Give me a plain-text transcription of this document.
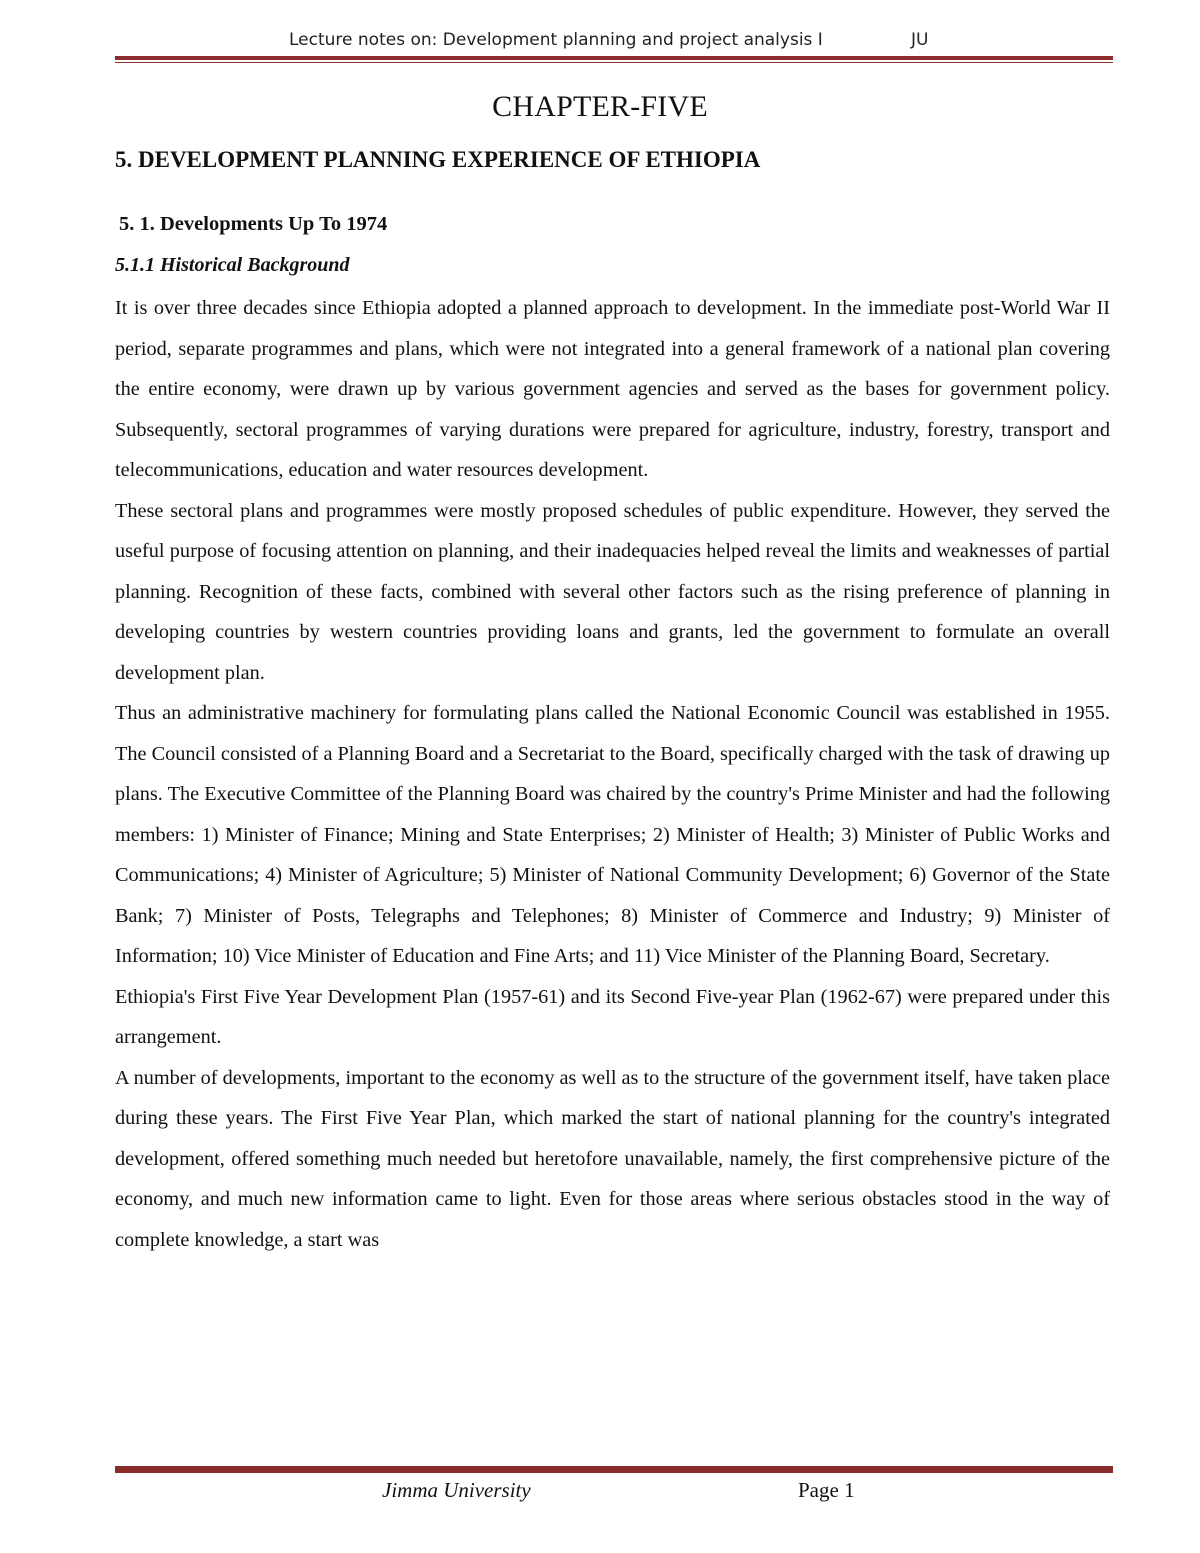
Lecture notes on: Development planning and project analysis I	JU
CHAPTER-FIVE
5. DEVELOPMENT PLANNING EXPERIENCE OF ETHIOPIA
5. 1. Developments Up To 1974
5.1.1 Historical Background

It is over three decades since Ethiopia adopted a planned approach to development. In the immediate post-World War II period, separate programmes and plans, which were not integrated into a general framework of a national plan covering the entire economy, were drawn up by various government agencies and served as the bases for government policy. Subsequently, sectoral programmes of varying durations were prepared for agriculture, industry, forestry, transport and telecommunications, education and water resources development.

These sectoral plans and programmes were mostly proposed schedules of public expenditure. However, they served the useful purpose of focusing attention on planning, and their inadequacies helped reveal the limits and weaknesses of partial planning. Recognition of these facts, combined with several other factors such as the rising preference of planning in developing countries by western countries providing loans and grants, led the government to formulate an overall development plan.

Thus an administrative machinery for formulating plans called the National Economic Council was established in 1955. The Council consisted of a Planning Board and a Secretariat to the Board, specifically charged with the task of drawing up plans. The Executive Committee of the Planning Board was chaired by the country's Prime Minister and had the following members: 1) Minister of Finance; Mining and State Enterprises; 2) Minister of Health; 3) Minister of Public Works and Communications; 4) Minister of Agriculture; 5) Minister of National Community Development; 6) Governor of the State Bank; 7) Minister of Posts, Telegraphs and Telephones; 8) Minister of Commerce and Industry; 9) Minister of Information; 10) Vice Minister of Education and Fine Arts; and 11) Vice Minister of the Planning Board, Secretary.

Ethiopia's First Five Year Development Plan (1957-61) and its Second Five-year Plan (1962-67) were prepared under this arrangement.

A number of developments, important to the economy as well as to the structure of the government itself, have taken place during these years. The First Five Year Plan, which marked the start of national planning for the country's integrated development, offered something much needed but heretofore unavailable, namely, the first comprehensive picture of the economy, and much new information came to light. Even for those areas where serious obstacles stood in the way of complete knowledge, a start was

Jimma University	Page 1
